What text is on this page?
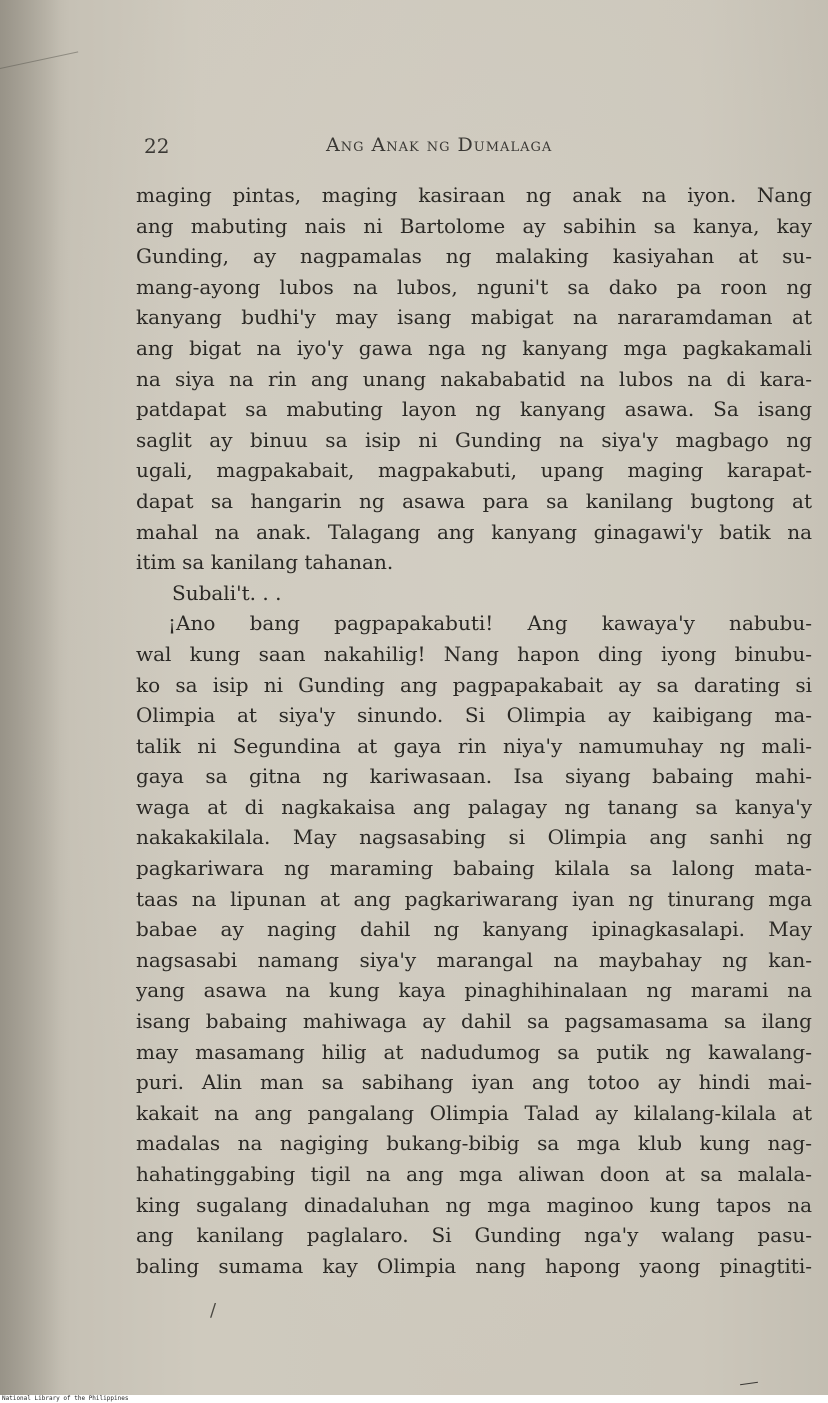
22	Ang Anak ng Dumalaga
maging pintas, maging kasiraan ng anak na iyon. Nang
ang mabuting nais ni Bartolome ay sabihin sa kanya, kay
Gunding, ay nagpamalas ng malaking kasiyahan at su-
mang-ayong lubos na lubos, nguni't sa dako pa roon ng
kanyang budhi'y may isang mabigat na nararamdaman at
ang bigat na iyo'y gawa nga ng kanyang mga pagkakamali
na siya na rin ang unang nakababatid na lubos na di kara-
patdapat sa mabuting layon ng kanyang asawa. Sa isang
saglit ay binuu sa isip ni Gunding na siya'y magbago ng
ugali, magpakabait, magpakabuti, upang maging karapat-
dapat sa hangarin ng asawa para sa kanilang bugtong at
mahal na anak. Talagang ang kanyang ginagawi'y batik na
itim sa kanilang tahanan.
Subali't. . .
¡Ano bang pagpapakabuti! Ang kawaya'y nabubu-
wal kung saan nakahilig! Nang hapon ding iyong binubu-
ko sa isip ni Gunding ang pagpapakabait ay sa darating si
Olimpia at siya'y sinundo. Si Olimpia ay kaibigang ma-
talik ni Segundina at gaya rin niya'y namumuhay ng mali-
gaya sa gitna ng kariwasaan. Isa siyang babaing mahi-
waga at di nagkakaisa ang palagay ng tanang sa kanya'y
nakakakilala. May nagsasabing si Olimpia ang sanhi ng
pagkariwara ng maraming babaing kilala sa lalong mata-
taas na lipunan at ang pagkariwarang iyan ng tinurang mga
babae ay naging dahil ng kanyang ipinagkasalapi. May
nagsasabi namang siya'y marangal na maybahay ng kan-
yang asawa na kung kaya pinaghihinalaan ng marami na
isang babaing mahiwaga ay dahil sa pagsamasama sa ilang
may masamang hilig at nadudumog sa putik ng kawalang-
puri. Alin man sa sabihang iyan ang totoo ay hindi mai-
kakait na ang pangalang Olimpia Talad ay kilalang-kilala at
madalas na nagiging bukang-bibig sa mga klub kung nag-
hahatinggabing tigil na ang mga aliwan doon at sa malala-
king sugalang dinadaluhan ng mga maginoo kung tapos na
ang kanilang paglalaro. Si Gunding nga'y walang pasu-
baling sumama kay Olimpia nang hapong yaong pinagtiti-
/
National Library of the Philippines
